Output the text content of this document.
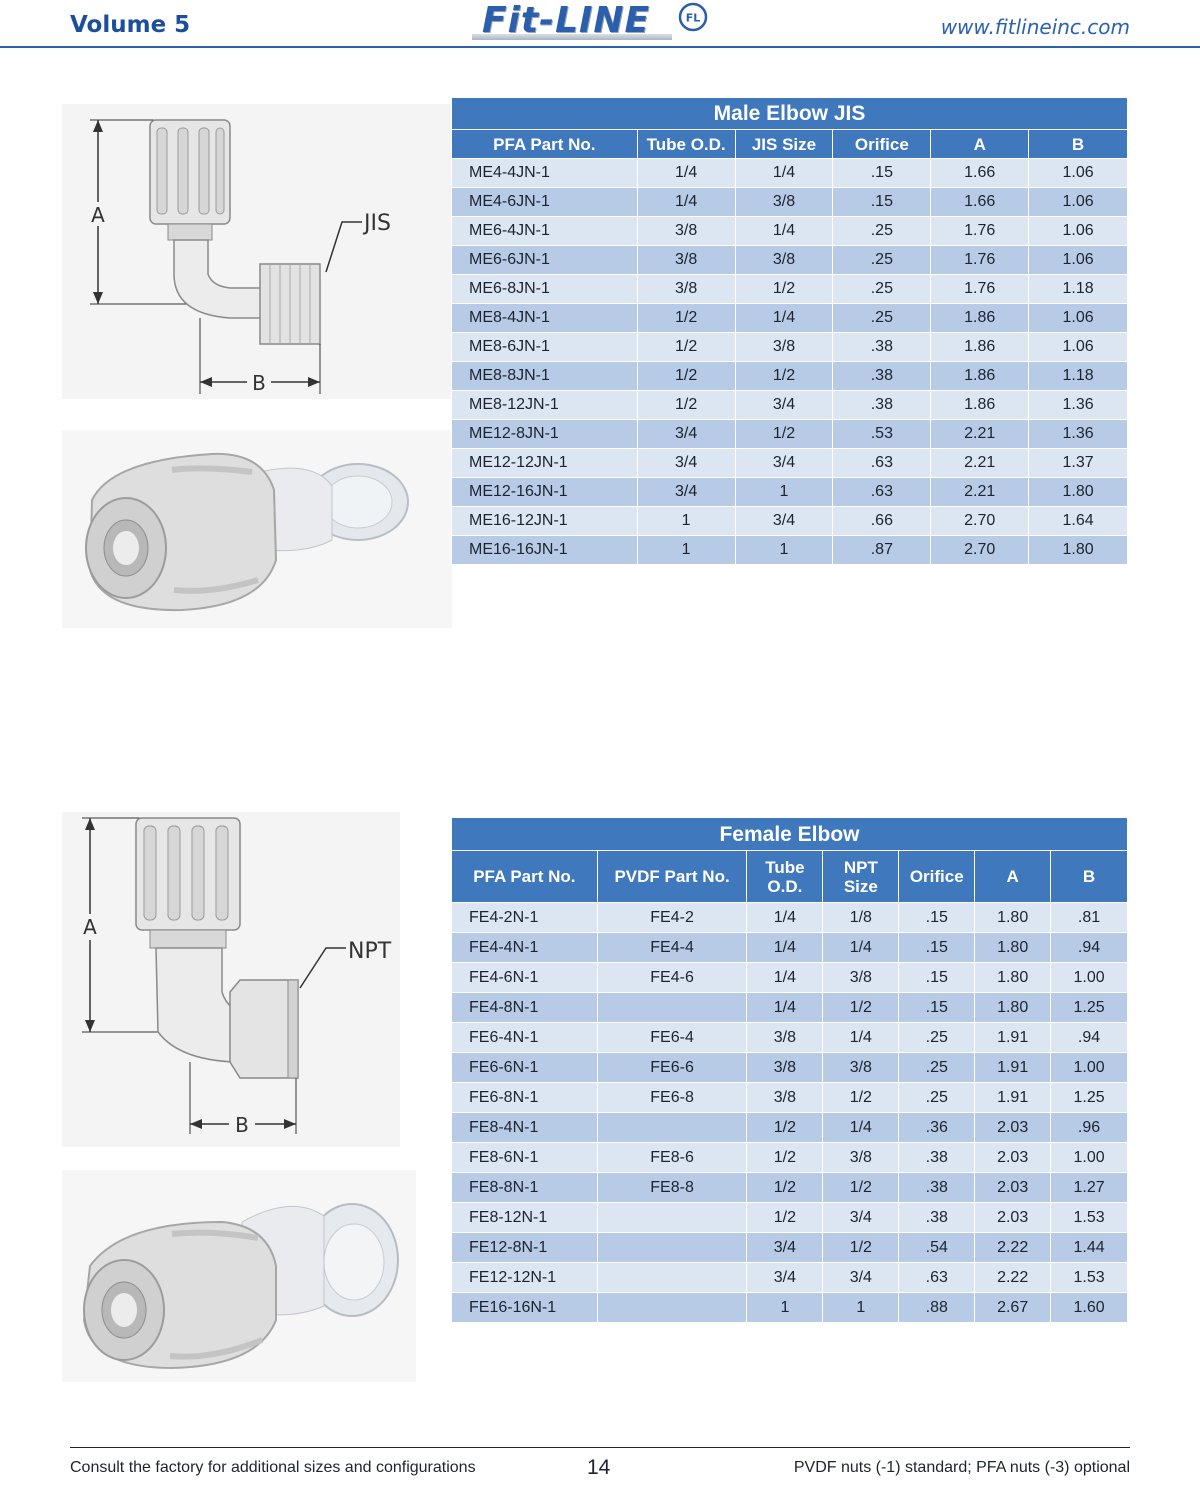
Volume 5	Fit-LINE	FL	www.fitlineinc.com
A	JIS
B
Male Elbow JIS					
PFA Part No.	Tube O.D.	JIS Size	Orifice	A	B
ME4-4JN-1	1/4	1/4	.15	1.66	1.06
ME4-6JN-1	1/4	3/8	.15	1.66	1.06
ME6-4JN-1	3/8	1/4	.25	1.76	1.06
ME6-6JN-1	3/8	3/8	.25	1.76	1.06
ME6-8JN-1	3/8	1/2	.25	1.76	1.18
ME8-4JN-1	1/2	1/4	.25	1.86	1.06
ME8-6JN-1	1/2	3/8	.38	1.86	1.06
ME8-8JN-1	1/2	1/2	.38	1.86	1.18
ME8-12JN-1	1/2	3/4	.38	1.86	1.36
ME12-8JN-1	3/4	1/2	.53	2.21	1.36
ME12-12JN-1	3/4	3/4	.63	2.21	1.37
ME12-16JN-1	3/4	1	.63	2.21	1.80
ME16-12JN-1	1	3/4	.66	2.70	1.64
ME16-16JN-1	1	1	.87	2.70	1.80
A
NPT
B
Female Elbow						
PFA Part No.	PVDF Part No.	Tube O.D.	NPT Size	Orifice	A	B
FE4-2N-1	FE4-2	1/4	1/8	.15	1.80	.81
FE4-4N-1	FE4-4	1/4	1/4	.15	1.80	.94
FE4-6N-1	FE4-6	1/4	3/8	.15	1.80	1.00
FE4-8N-1		1/4	1/2	.15	1.80	1.25
FE6-4N-1	FE6-4	3/8	1/4	.25	1.91	.94
FE6-6N-1	FE6-6	3/8	3/8	.25	1.91	1.00
FE6-8N-1	FE6-8	3/8	1/2	.25	1.91	1.25
FE8-4N-1		1/2	1/4	.36	2.03	.96
FE8-6N-1	FE8-6	1/2	3/8	.38	2.03	1.00
FE8-8N-1	FE8-8	1/2	1/2	.38	2.03	1.27
FE8-12N-1		1/2	3/4	.38	2.03	1.53
FE12-8N-1		3/4	1/2	.54	2.22	1.44
FE12-12N-1		3/4	3/4	.63	2.22	1.53
FE16-16N-1		1	1	.88	2.67	1.60
Consult the factory for additional sizes and configurations	14	PVDF nuts (-1) standard; PFA nuts (-3) optional
